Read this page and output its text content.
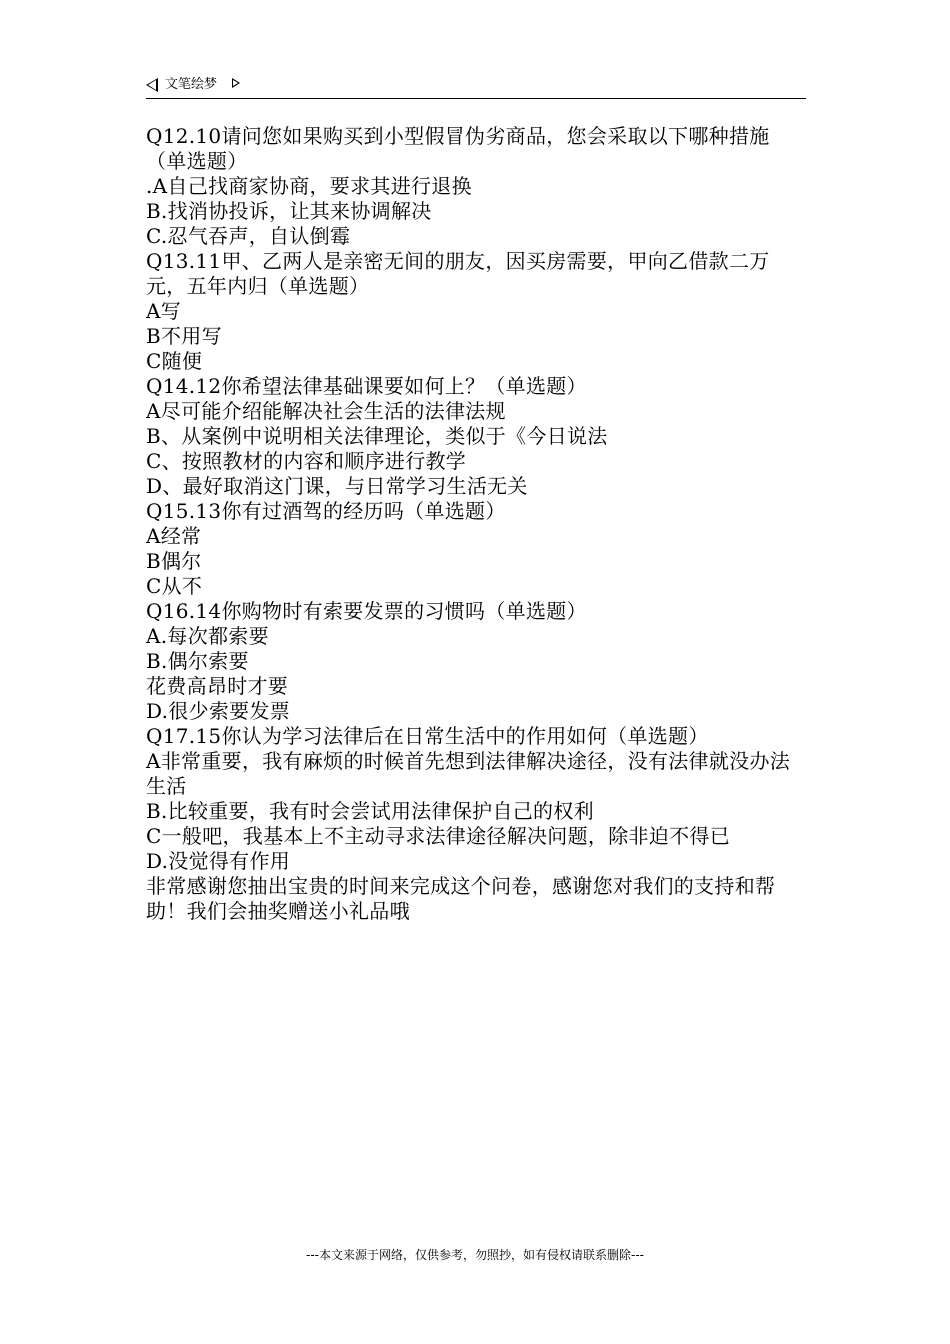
文笔绘梦
Q12.10请问您如果购买到小型假冒伪劣商品，您会采取以下哪种措施（单选题）
.A自己找商家协商，要求其进行退换
B.找消协投诉，让其来协调解决
C.忍气吞声，自认倒霉
Q13.11甲、乙两人是亲密无间的朋友，因买房需要，甲向乙借款二万元，五年内归（单选题）
A写
B不用写
C随便
Q14.12你希望法律基础课要如何上？（单选题）
A尽可能介绍能解决社会生活的法律法规
B、从案例中说明相关法律理论，类似于《今日说法
C、按照教材的内容和顺序进行教学
D、最好取消这门课，与日常学习生活无关
Q15.13你有过酒驾的经历吗（单选题）
A经常
B偶尔
C从不
Q16.14你购物时有索要发票的习惯吗（单选题）
A.每次都索要
B.偶尔索要
花费高昂时才要
D.很少索要发票
Q17.15你认为学习法律后在日常生活中的作用如何（单选题）
A非常重要，我有麻烦的时候首先想到法律解决途径，没有法律就没办法生活
B.比较重要，我有时会尝试用法律保护自己的权利
C一般吧，我基本上不主动寻求法律途径解决问题，除非迫不得已
D.没觉得有作用
非常感谢您抽出宝贵的时间来完成这个问卷，感谢您对我们的支持和帮助！我们会抽奖赠送小礼品哦
---本文来源于网络，仅供参考，勿照抄，如有侵权请联系删除---
